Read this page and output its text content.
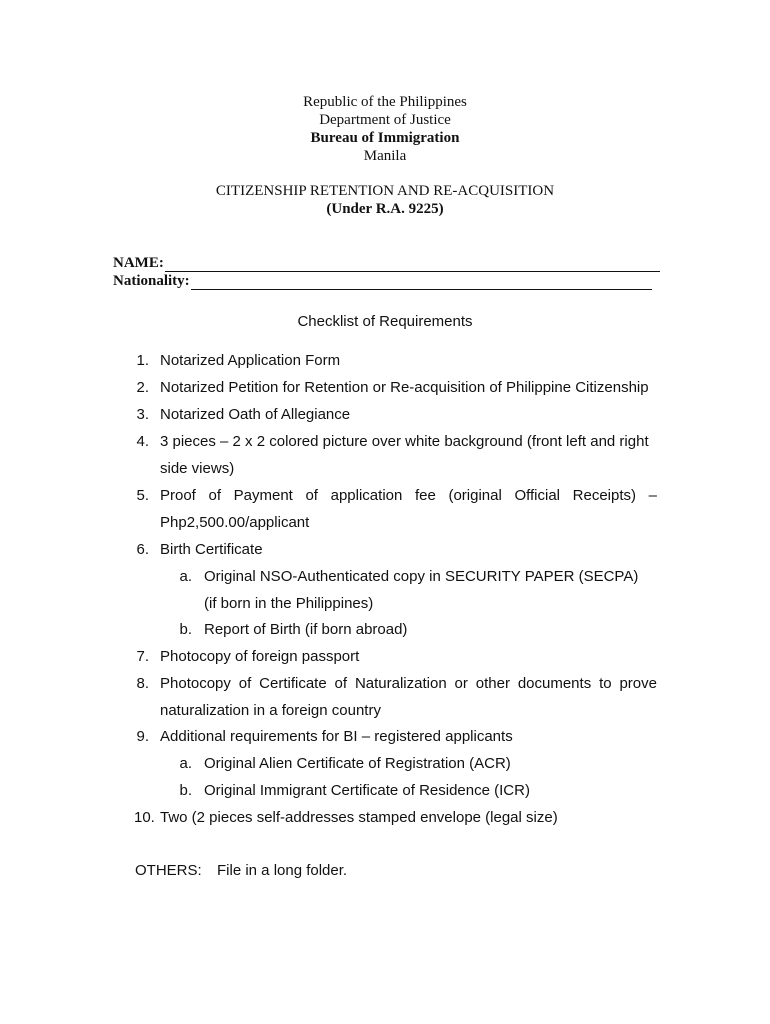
Republic of the Philippines
Department of Justice
Bureau of Immigration
Manila
CITIZENSHIP RETENTION AND RE-ACQUISITION
(Under R.A. 9225)
NAME:
Nationality:
Checklist of Requirements
1. Notarized Application Form
2. Notarized Petition for Retention or Re-acquisition of Philippine Citizenship
3. Notarized Oath of Allegiance
4. 3 pieces – 2 x 2 colored picture over white background (front left and right
side views)
5. Proof of Payment of application fee (original Official Receipts) –
Php2,500.00/applicant
6. Birth Certificate
a. Original NSO-Authenticated copy in SECURITY PAPER (SECPA)
(if born in the Philippines)
b. Report of Birth (if born abroad)
7. Photocopy of foreign passport
8. Photocopy of Certificate of Naturalization or other documents to prove
naturalization in a foreign country
9. Additional requirements for BI – registered applicants
a. Original Alien Certificate of Registration (ACR)
b. Original Immigrant Certificate of Residence (ICR)
10. Two (2 pieces self-addresses stamped envelope (legal size)
OTHERS: File in a long folder.
